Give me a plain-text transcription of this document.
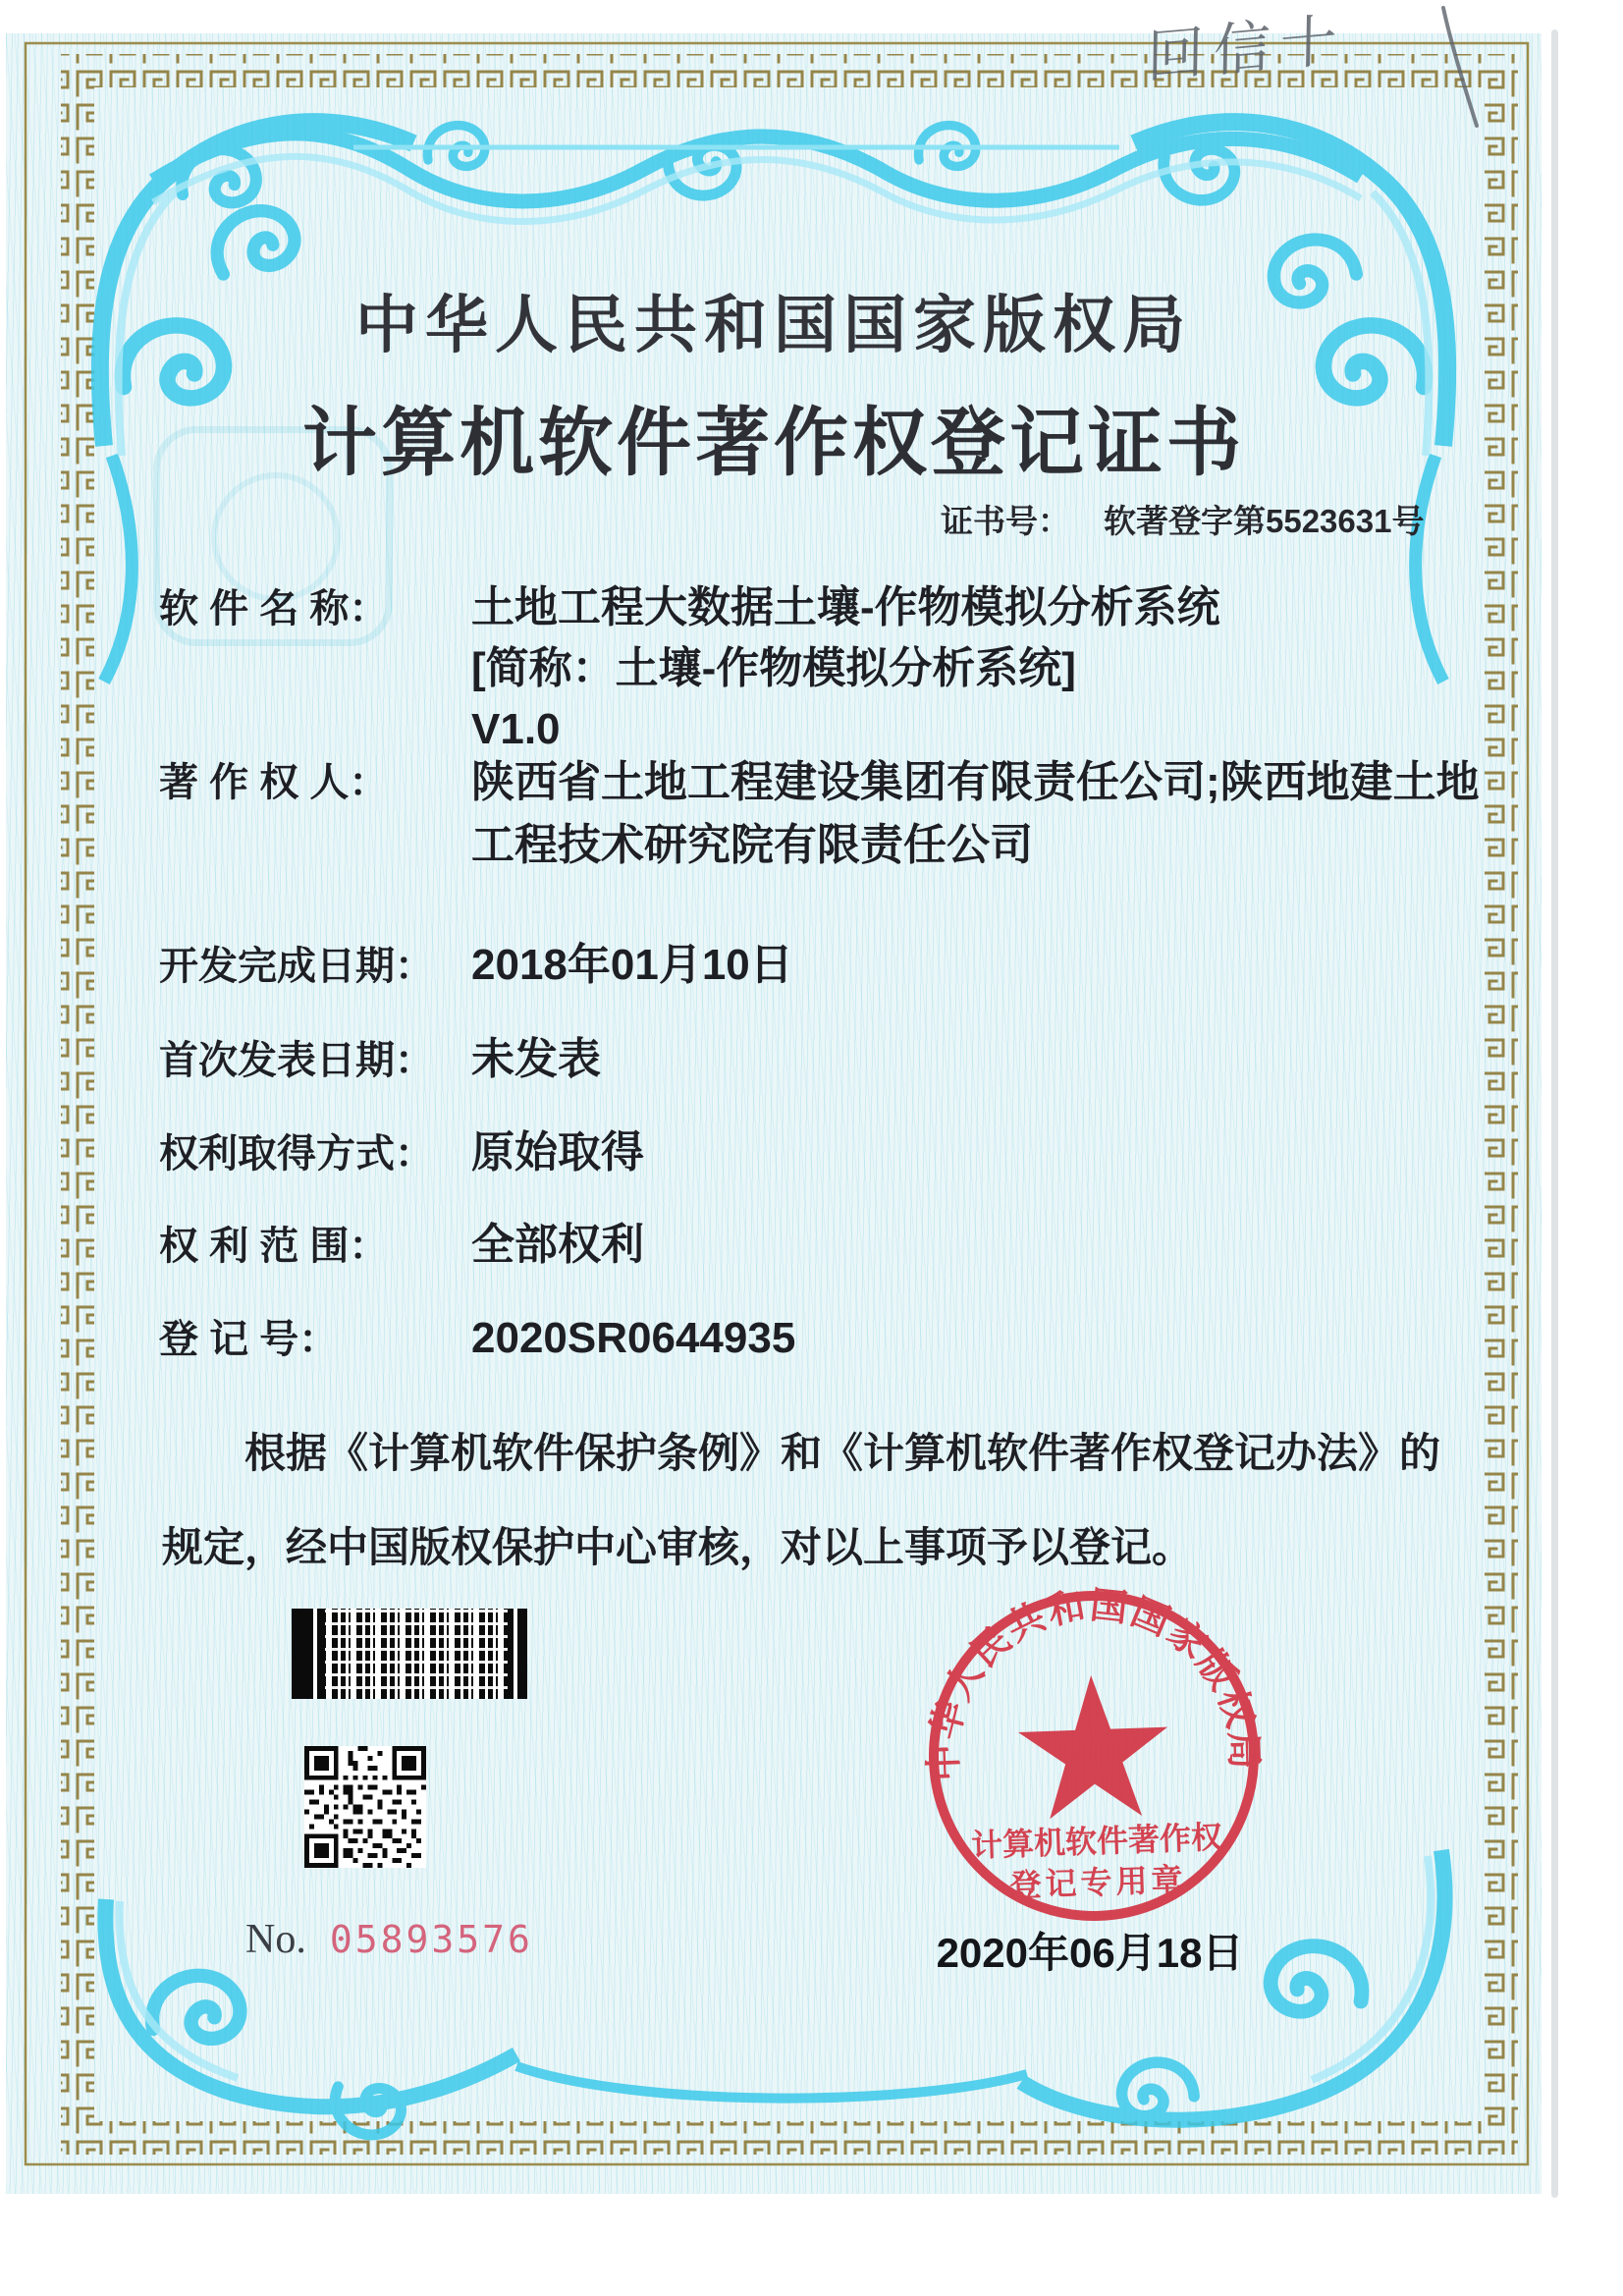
中华人民共和国国家版权局
计算机软件著作权登记证书
证书号： 软著登字第5523631号
软 件 名 称：	土地工程大数据土壤-作物模拟分析系统
[简称：土壤-作物模拟分析系统]
V1.0
著 作 权 人：	陕西省土地工程建设集团有限责任公司;陕西地建土地工程技术研究院有限责任公司
开发完成日期： 2018年01月10日
首次发表日期： 未发表
权利取得方式： 原始取得
权 利 范 围：	全部权利
登 记 号：	2020SR0644935
根据《计算机软件保护条例》和《计算机软件著作权登记办法》的规定，经中国版权保护中心审核，对以上事项予以登记。
No. 05893576
中华人民共和国国家版权局
计算机软件著作权
登记专用章
2020年06月18日
回信十
